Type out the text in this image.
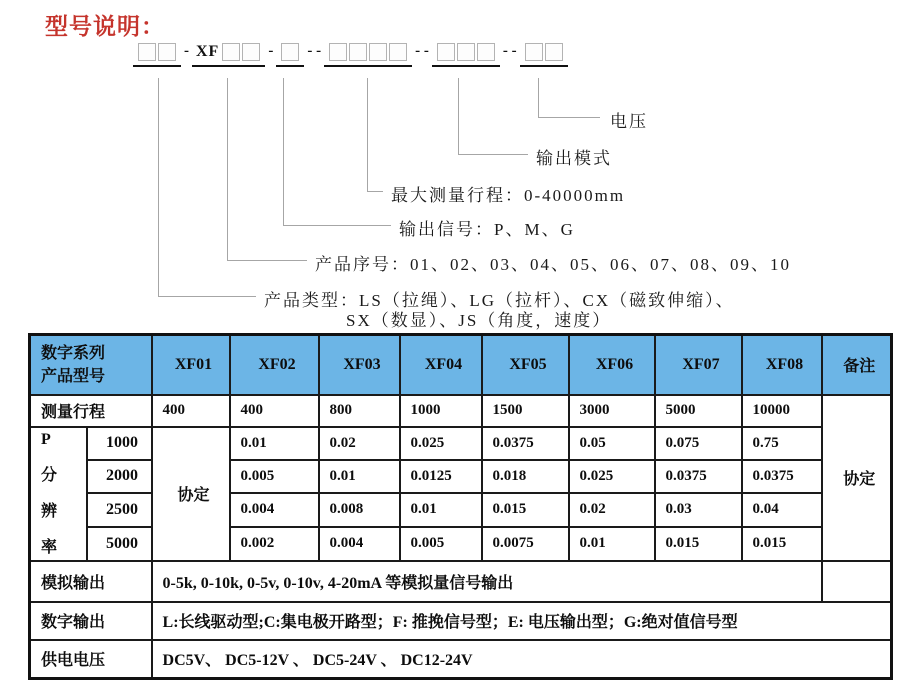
型号说明：
- XF	- - -	- -	- -
电压
输出模式
最大测量行程：0-40000mm
输出信号：P、M、G
产品序号：01、02、03、04、05、06、07、08、09、10
产品类型：LS（拉绳）、LG（拉杆）、CX（磁致伸缩）、
SX（数显）、JS（角度，速度）
数字系列
产品型号		XF01	XF02	XF03	XF04	XF05	XF06	XF07	XF08	备注
测量行程		400	400	800	1000	1500	3000	5000	10000	协定

P
分
辨
率	1000	协定	0.01	0.02	0.025	0.0375	0.05	0.075	0.75	
	2000		0.005	0.01	0.0125	0.018	0.025	0.0375	0.0375	
	2500		0.004	0.008	0.01	0.015	0.02	0.03	0.04	
	5000		0.002	0.004	0.005	0.0075	0.01	0.015	0.015	
模拟输出		0-5k, 0-10k, 0-5v, 0-10v, 4-20mA 等模拟量信号输出								
数字输出		L:长线驱动型;C:集电极开路型；F: 推挽信号型；E: 电压输出型；G:绝对值信号型								
供电电压		DC5V、 DC5-12V 、 DC5-24V 、 DC12-24V								
